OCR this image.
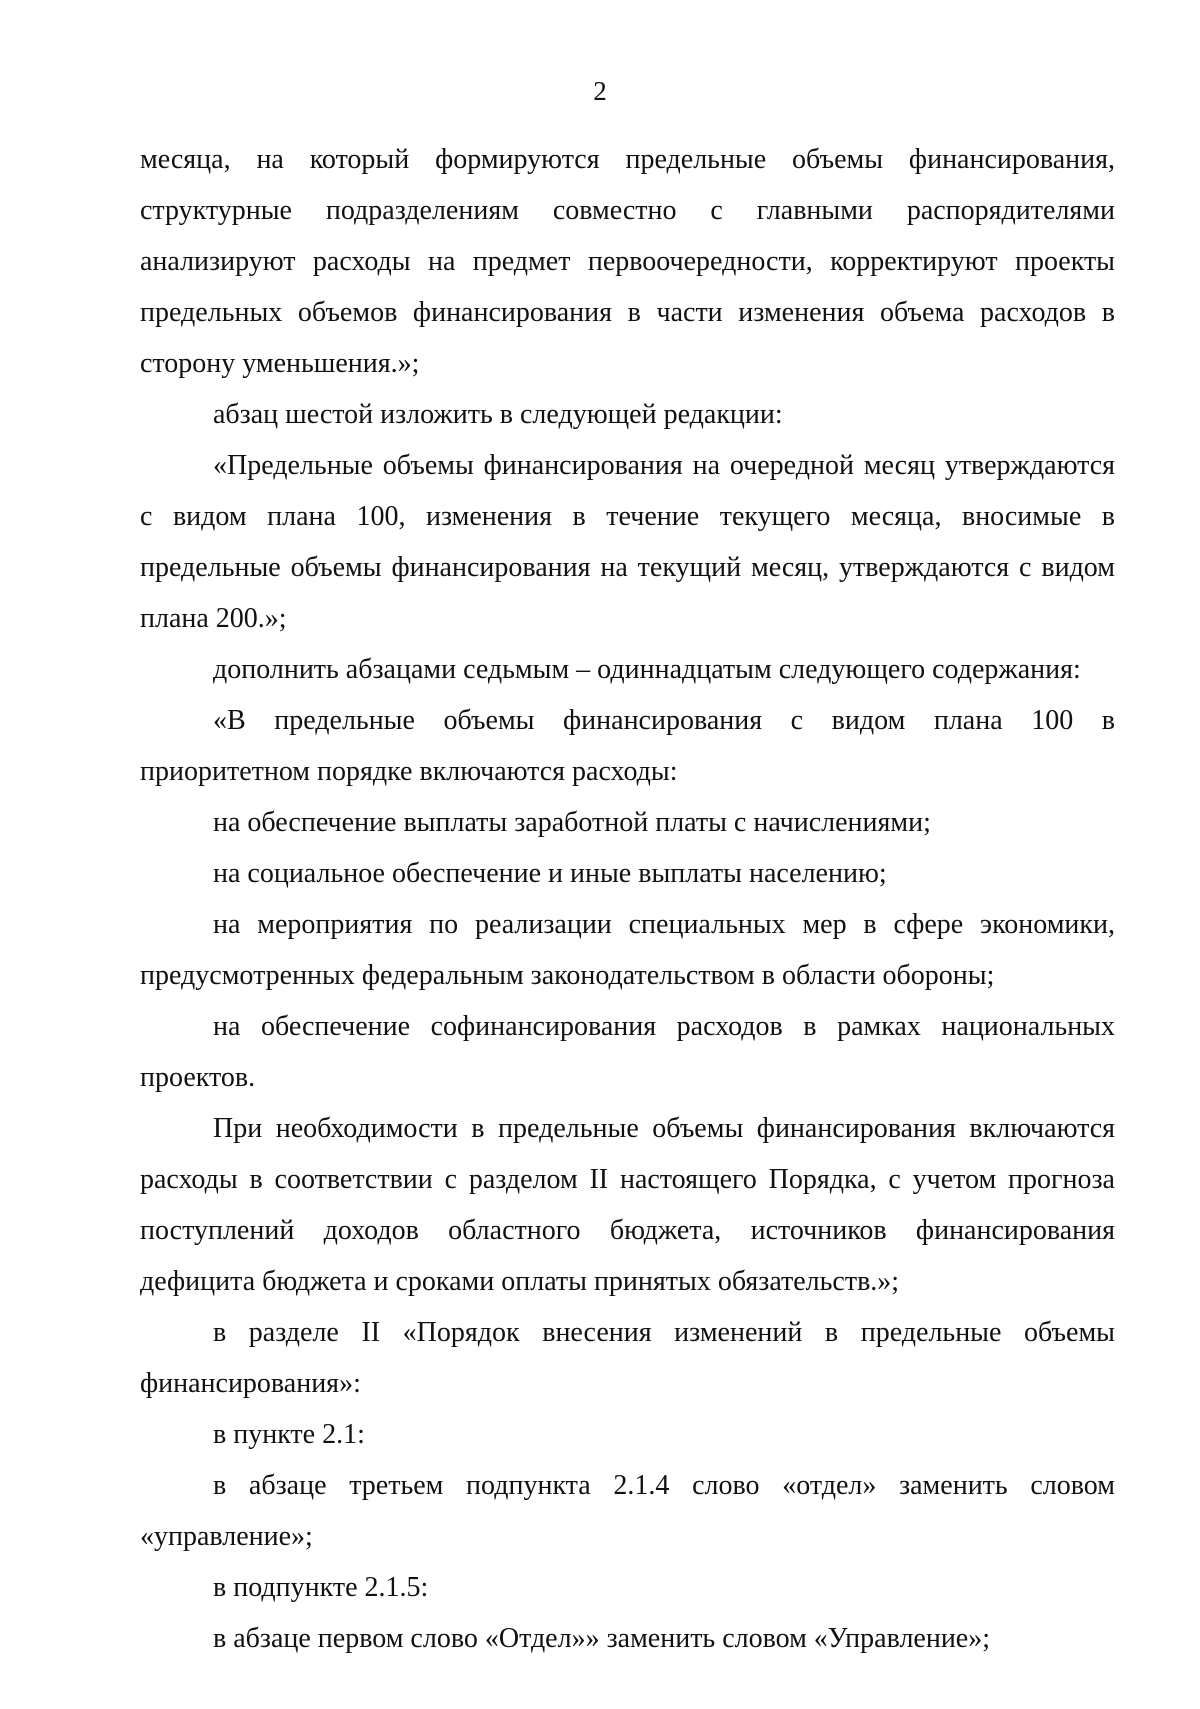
2

месяца, на который формируются предельные объемы финансирования, структурные подразделениям совместно с главными распорядителями анализируют расходы на предмет первоочередности, корректируют проекты предельных объемов финансирования в части изменения объема расходов в сторону уменьшения.»;

абзац шестой изложить в следующей редакции:

«Предельные объемы финансирования на очередной месяц утверждаются с видом плана 100, изменения в течение текущего месяца, вносимые в предельные объемы финансирования на текущий месяц, утверждаются с видом плана 200.»;

дополнить абзацами седьмым – одиннадцатым следующего содержания:

«В предельные объемы финансирования с видом плана 100 в приоритетном порядке включаются расходы:

на обеспечение выплаты заработной платы с начислениями;

на социальное обеспечение и иные выплаты населению;

на мероприятия по реализации специальных мер в сфере экономики, предусмотренных федеральным законодательством в области обороны;

на обеспечение софинансирования расходов в рамках национальных проектов.

При необходимости в предельные объемы финансирования включаются расходы в соответствии с разделом II настоящего Порядка, с учетом прогноза поступлений доходов областного бюджета, источников финансирования дефицита бюджета и сроками оплаты принятых обязательств.»;

в разделе II «Порядок внесения изменений в предельные объемы финансирования»:

в пункте 2.1:

в абзаце третьем подпункта 2.1.4 слово «отдел» заменить словом «управление»;

в подпункте 2.1.5:

в абзаце первом слово «Отдел»» заменить словом «Управление»;
